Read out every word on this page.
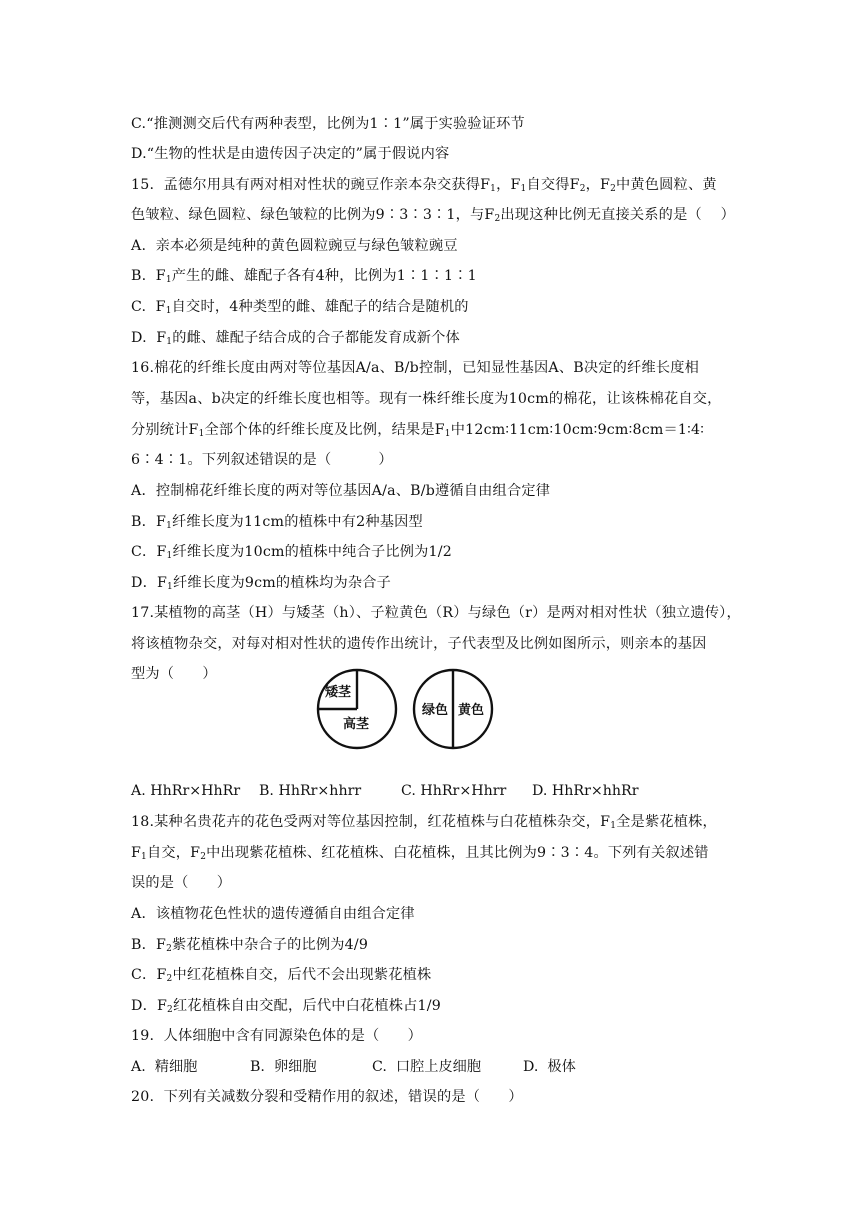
C.“推测测交后代有两种表型，比例为1∶1”属于实验验证环节
D.“生物的性状是由遗传因子决定的”属于假说内容
15.  孟德尔用具有两对相对性状的豌豆作亲本杂交获得$F_1$，$F_1$自交得$F_2$，$F_2$中黄色圆粒、黄
色皱粒、绿色圆粒、绿色皱粒的比例为9∶3∶3∶1，与$F_2$出现这种比例无直接关系的是（    ）
A.  亲本必须是纯种的黄色圆粒豌豆与绿色皱粒豌豆
B.  $F_1$产生的雌、雄配子各有4种，比例为1∶1∶1∶1
C.  $F_1$自交时，4种类型的雌、雄配子的结合是随机的
D.  $F_1$的雌、雄配子结合成的合子都能发育成新个体
16.棉花的纤维长度由两对等位基因A/a、B/b控制，已知显性基因A、B决定的纤维长度相
等，基因a、b决定的纤维长度也相等。现有一株纤维长度为10cm的棉花，让该株棉花自交，
分别统计$F_1$全部个体的纤维长度及比例，结果是$F_1$中12cm∶11cm∶10cm∶9cm∶8cm＝1∶4∶
6∶4∶1。下列叙述错误的是（          ）
A．控制棉花纤维长度的两对等位基因A/a、B/b遵循自由组合定律
B．$F_1$纤维长度为11cm的植株中有2种基因型
C．$F_1$纤维长度为10cm的植株中纯合子比例为1/2
D．$F_1$纤维长度为9cm的植株均为杂合子
17.某植物的高茎（H）与矮茎（h）、子粒黄色（R）与绿色（r）是两对相对性状（独立遗传），
将该植物杂交，对每对相对性状的遗传作出统计，子代表型及比例如图所示，则亲本的基因
型为（      ）
18.某种名贵花卉的花色受两对等位基因控制，红花植株与白花植株杂交，$F_1$全是紫花植株，
$F_1$自交，$F_2$中出现紫花植株、红花植株、白花植株，且其比例为9∶3∶4。下列有关叙述错
误的是（      ）
A．该植物花色性状的遗传遵循自由组合定律
B．$F_2$紫花植株中杂合子的比例为4/9
C．$F_2$中红花植株自交，后代不会出现紫花植株
D．$F_2$红花植株自由交配，后代中白花植株占1/9
19.  人体细胞中含有同源染色体的是（      ）
20.  下列有关减数分裂和受精作用的叙述，错误的是（      ）

A. HhRr×HhRr

B. HhRr×hhrr

	C. HhRr×Hhrr

D. HhRr×hhRr

A.  精细胞

	B.  卵细胞

	C.  口腔上皮细胞

	D.  极体

矮茎
高茎
绿色 黄色
